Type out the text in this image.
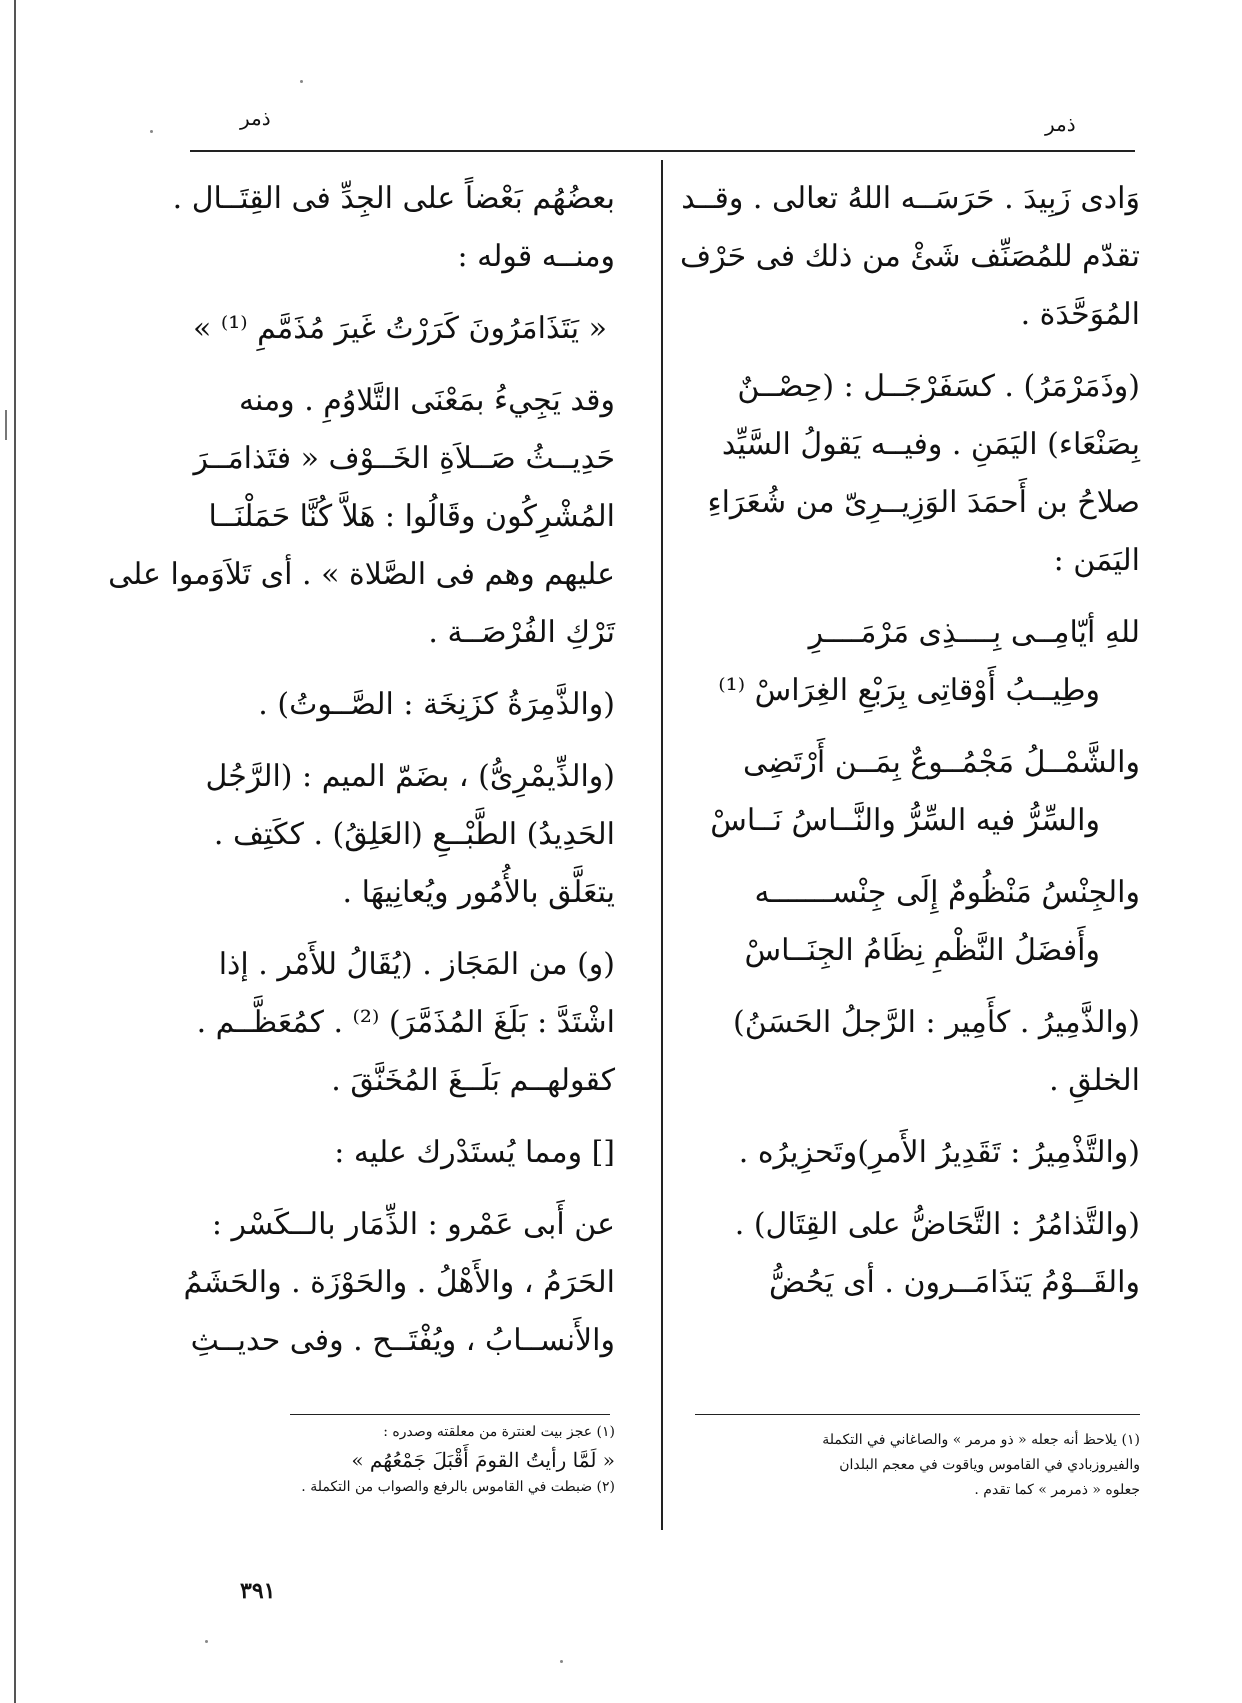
ذمر
ذمر
وَادى زَبِيدَ . حَرَسَــه اللهُ تعالى . وقــد
تقدّم للمُصَنِّف شَئْ من ذلك فى حَرْف
المُوَحَّدَة .
(وذَمَرْمَرُ) . كسَفَرْجَــل : (حِصْــنٌ
بِصَنْعَاء) اليَمَنِ . وفيــه يَقولُ السَّيِّد
صلاحُ بن أَحمَدَ الوَزِيــرِىّ من شُعَرَاءِ
اليَمَن :
للهِ أيّامِــى بِــــذِى مَرْمَــــرِ
وطِيــبُ أَوْقاتِى بِرَبْعِ الغِرَاسْ ⁽¹⁾
والشَّمْــلُ مَجْمُــوعٌ بِمَــن أَرْتَضِى
والسِّرُّ فيه السِّرُّ والنَّــاسُ نَــاسْ
والجِنْسُ مَنْظُومٌ إِلَى جِنْســـــــه
وأَفضَلُ النَّظْمِ نِظَامُ الجِنَــاسْ
(والذَّمِيرُ . كأَمِير : الرَّجلُ الحَسَنُ)
الخلقِ .
(والتَّذْمِيرُ : تَقَدِيرُ الأَمرِ)وتَحزِيرُه .
(والتَّذامُرُ : التَّحَاضُّ على القِتَال) .
والقَــوْمُ يَتذَامَــرون . أى يَحُضُّ
بعضُهُم بَعْضاً على الجِدِّ فى القِتَــال .
ومنــه قوله :
« يَتَذَامَرُونَ كَرَرْتُ غَيرَ مُذَمَّمِ ⁽¹⁾ »
وقد يَجِيءُ بمَعْنَى التَّلاوُمِ . ومنه
حَدِيــثُ صَــلاَةِ الخَــوْف « فتَذامَــرَ
المُشْرِكُون وقَالُوا : هَلاَّ كُنَّا حَمَلْنَــا
عليهم وهم فى الصَّلاة » . أى تَلاَوَموا على
تَرْكِ الفُرْصَــة .
(والذَّمِرَةُ كزَنِخَة : الصَّــوتُ) .
(والذِّيمْرِىُّ) ، بضَمّ الميم : (الرَّجُل
الحَدِيدُ) الطَّبْــعِ (العَلِقُ) . ككَتِف .
يتعَلَّق بالأُمُور ويُعانِيهَا .
(و) من المَجَاز . (يُقَالُ للأَمْر . إذا
اشْتَدَّ : بَلَغَ المُذَمَّرَ) ⁽²⁾ . كمُعَظَّــم .
كقولهــم بَلَــغَ المُخَنَّقَ .
[] ومما يُستَدْرك عليه :
عن أَبى عَمْرو : الذِّمَار بالــكَسْر :
الحَرَمُ ، والأَهْلُ . والحَوْزَة . والحَشَمُ
والأَنســابُ ، ويُفْتَــح . وفى حديــثِ
(١) يلاحظ أنه جعله « ذو مرمر » والصاغاني في التكملة
والفيروزبادي في القاموس وياقوت في معجم البلدان
جعلوه « ذمرمر » كما تقدم .
(١) عجز بيت لعنترة من معلقته وصدره :
« لَمَّا رأيتُ القومَ أَقْبَلَ جَمْعُهُم »
(٢) ضبطت في القاموس بالرفع والصواب من التكملة .
٣٩١
